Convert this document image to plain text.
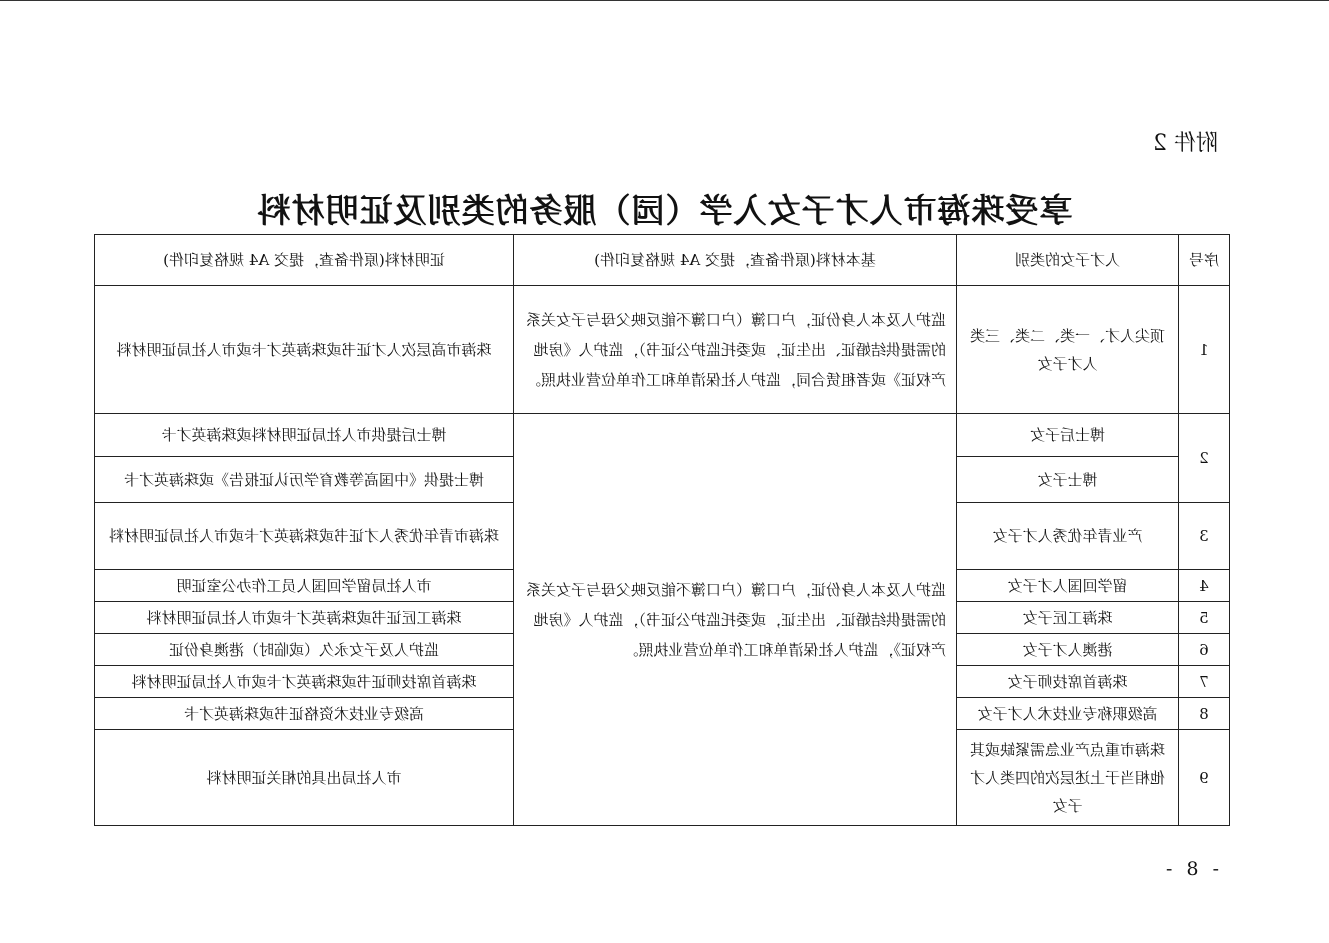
附件 2
享受珠海市人才子女入学（园）服务的类别及证明材料
序号	人才子女的类别	基本材料(原件备查，提交 A4 规格复印件)	证明材料(原件备查，提交 A4 规格复印件)
1	顶尖人才、一类、二类、三类人才子女	监护人及本人身份证，户口簿（户口簿不能反映父母与子女关系的需提供结婚证、出生证，或委托监护公证书），监护人《房地产权证》或者租赁合同，监护人社保清单和工作单位营业执照。	珠海市高层次人才证书或珠海英才卡或市人社局证明材料
2	博士后子女	监护人及本人身份证，户口簿（户口簿不能反映父母与子女关系的需提供结婚证、出生证，或委托监护公证书），监护人《房地产权证》，监护人社保清单和工作单位营业执照。	博士后提供市人社局证明材料或珠海英才卡
	博士子女		博士提供《中国高等教育学历认证报告》或珠海英才卡
3	产业青年优秀人才子女		珠海市青年优秀人才证书或珠海英才卡或市人社局证明材料
4	留学回国人才子女		市人社局留学回国人员工作办公室证明
5	珠海工匠子女		珠海工匠证书或珠海英才卡或市人社局证明材料
6	港澳人才子女		监护人及子女永久（或临时）港澳身份证
7	珠海首席技师子女		珠海首席技师证书或珠海英才卡或市人社局证明材料
8	高级职称专业技术人才子女		高级专业技术资格证书或珠海英才卡
9	珠海市重点产业急需紧缺或其他相当于上述层次的四类人才子女		市人社局出具的相关证明材料
- 8 -
